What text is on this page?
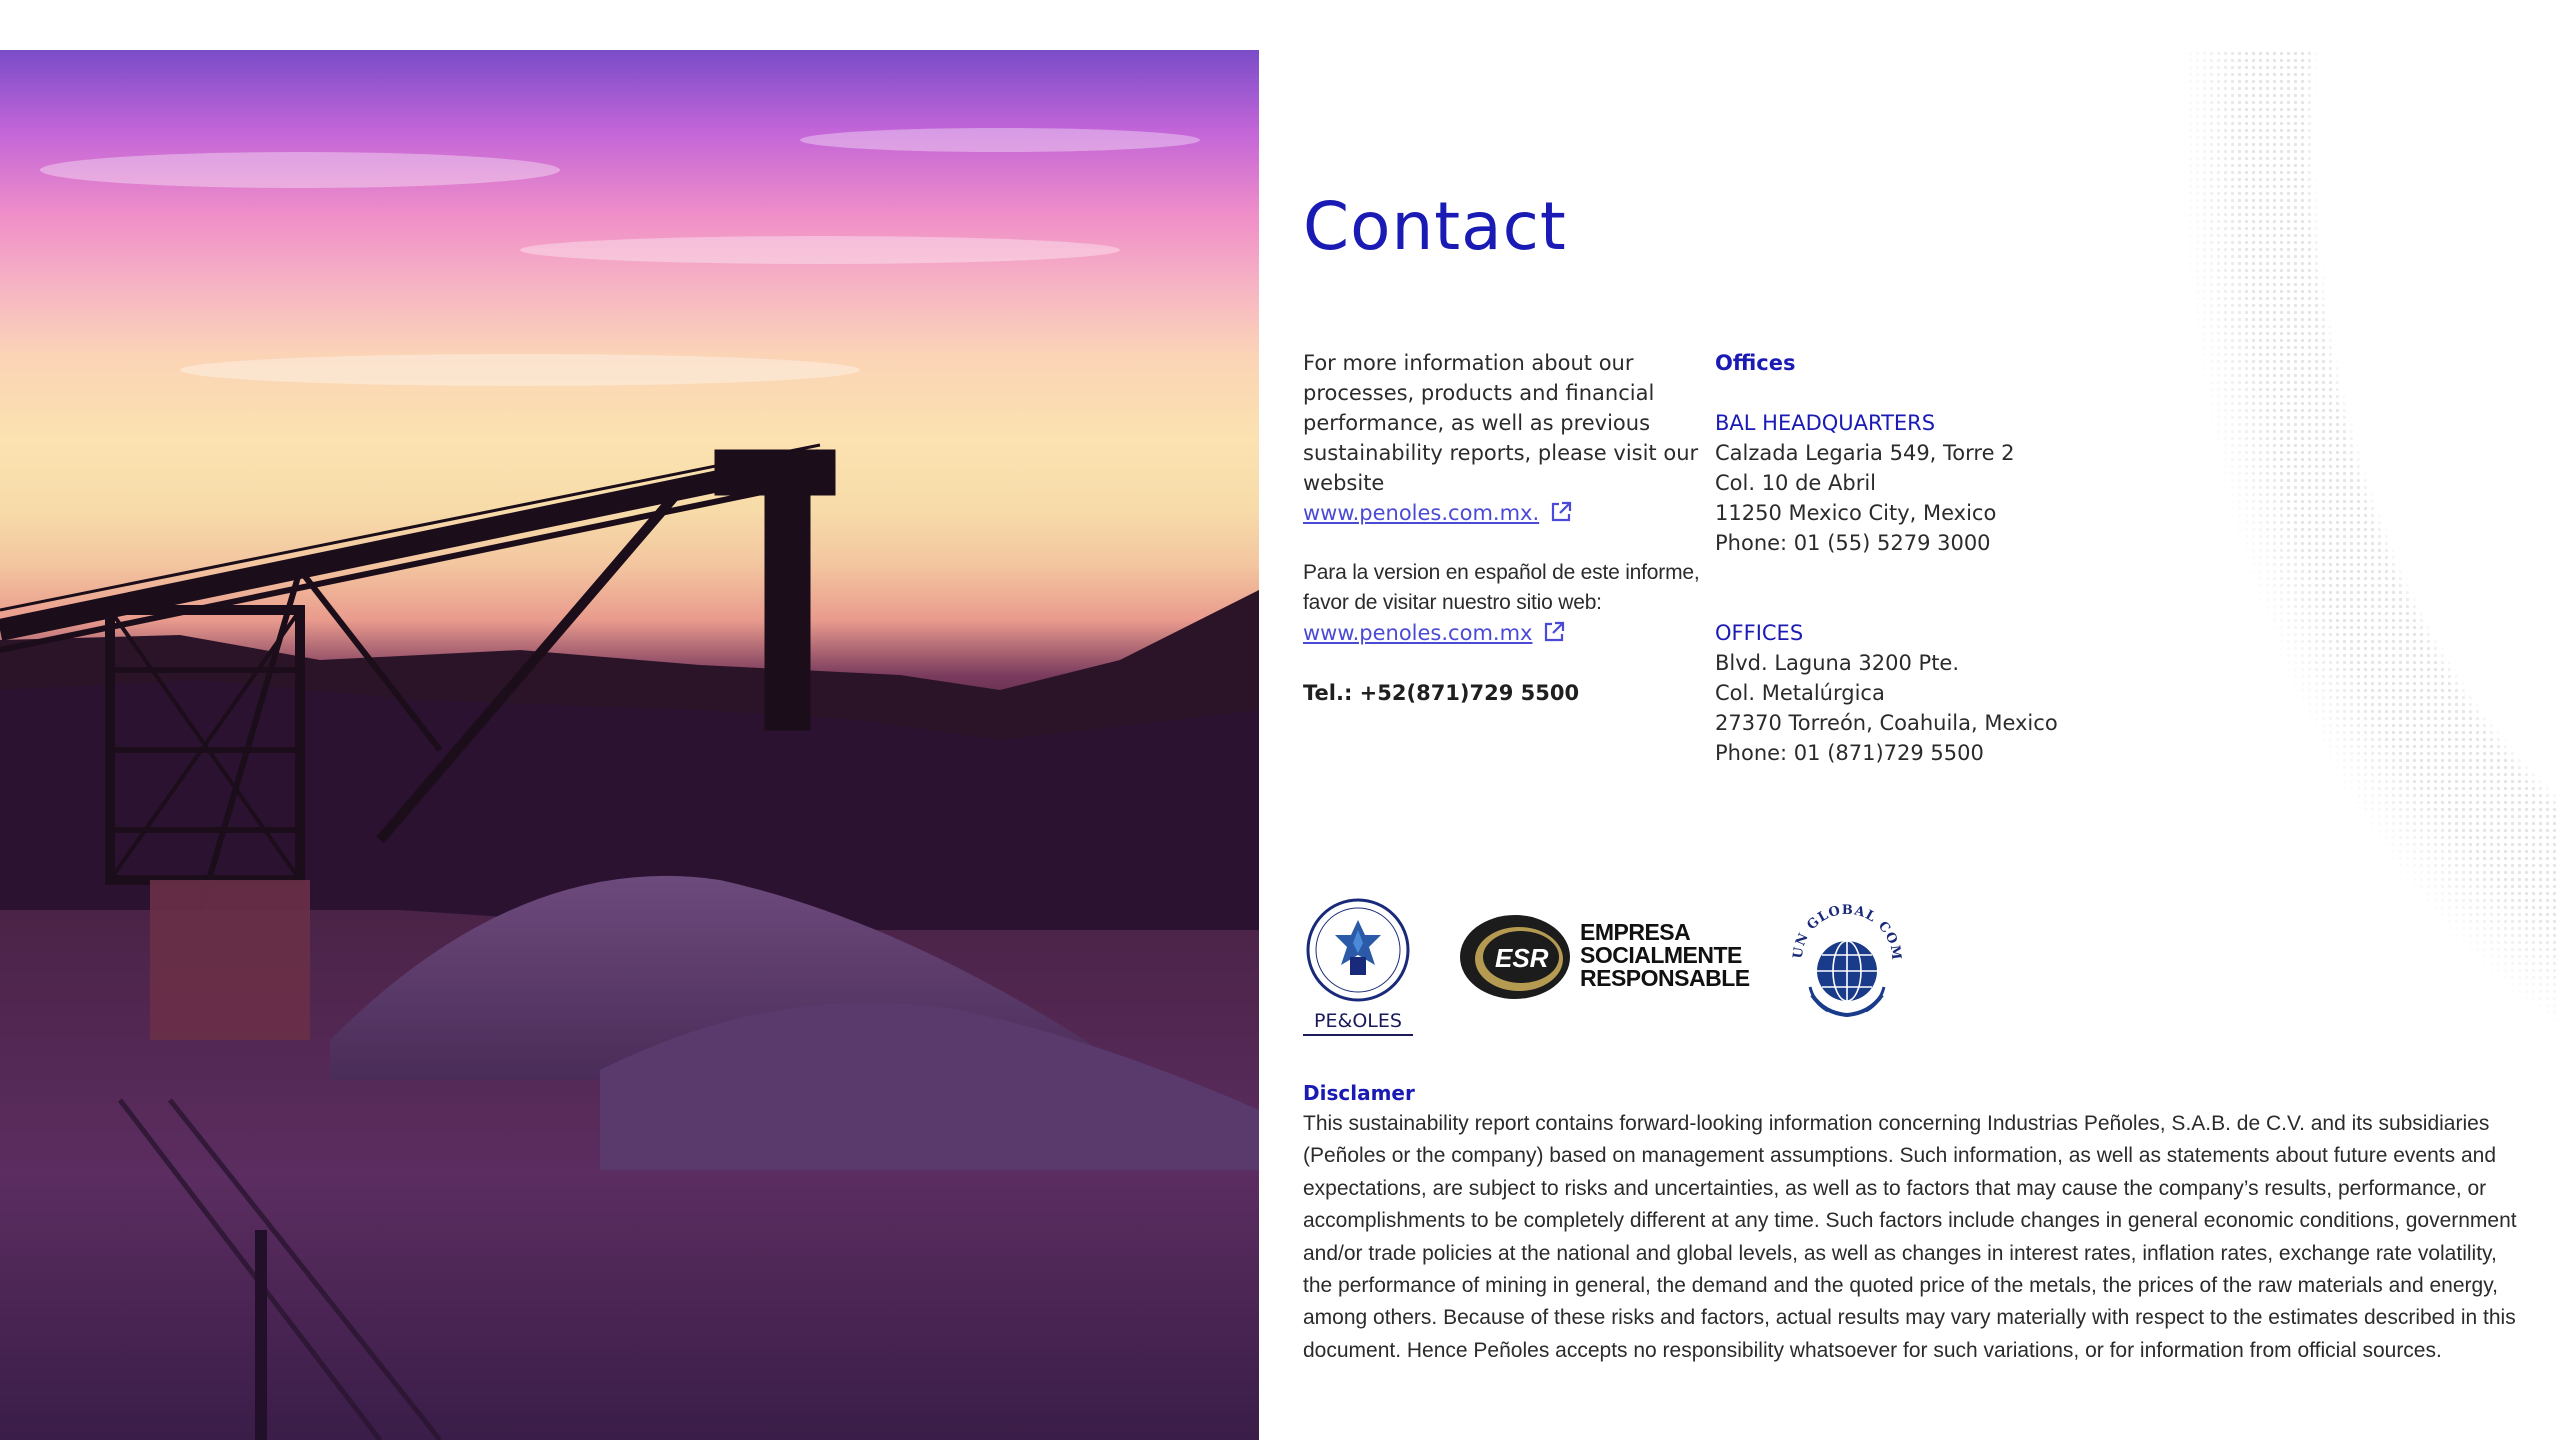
Contact

For more information about our processes, products and financial performance, as well as previous sustainability reports, please visit our website

www.penoles.com.mx.

Para la version en español de este informe, favor de visitar nuestro sitio web:

www.penoles.com.mx

Tel.: +52(871)729 5500

Offices

BAL HEADQUARTERS

Calzada Legaria 549, Torre 2

Col. 10 de Abril

11250 Mexico City, Mexico

Phone: 01 (55) 5279 3000

OFFICES

Blvd. Laguna 3200 Pte.

Col. Metalúrgica

27370 Torreón, Coahuila, Mexico

Phone: 01 (871)729 5500

PE&OLES
ESR
EMPRESA
SOCIALMENTE
RESPONSABLE
UN GLOBAL COM
Disclamer
This sustainability report contains forward-looking information concerning Industrias Peñoles, S.A.B. de C.V. and its subsidiaries (Peñoles or the company) based on management assumptions. Such information, as well as statements about future events and expectations, are subject to risks and uncertainties, as well as to factors that may cause the company’s results, performance, or accomplishments to be completely different at any time. Such factors include changes in general economic conditions, government and/or trade policies at the national and global levels, as well as changes in interest rates, inflation rates, exchange rate volatility, the performance of mining in general, the demand and the quoted price of the metals, the prices of the raw materials and energy, among others. Because of these risks and factors, actual results may vary materially with respect to the estimates described in this document. Hence Peñoles accepts no responsibility whatsoever for such variations, or for information from official sources.
